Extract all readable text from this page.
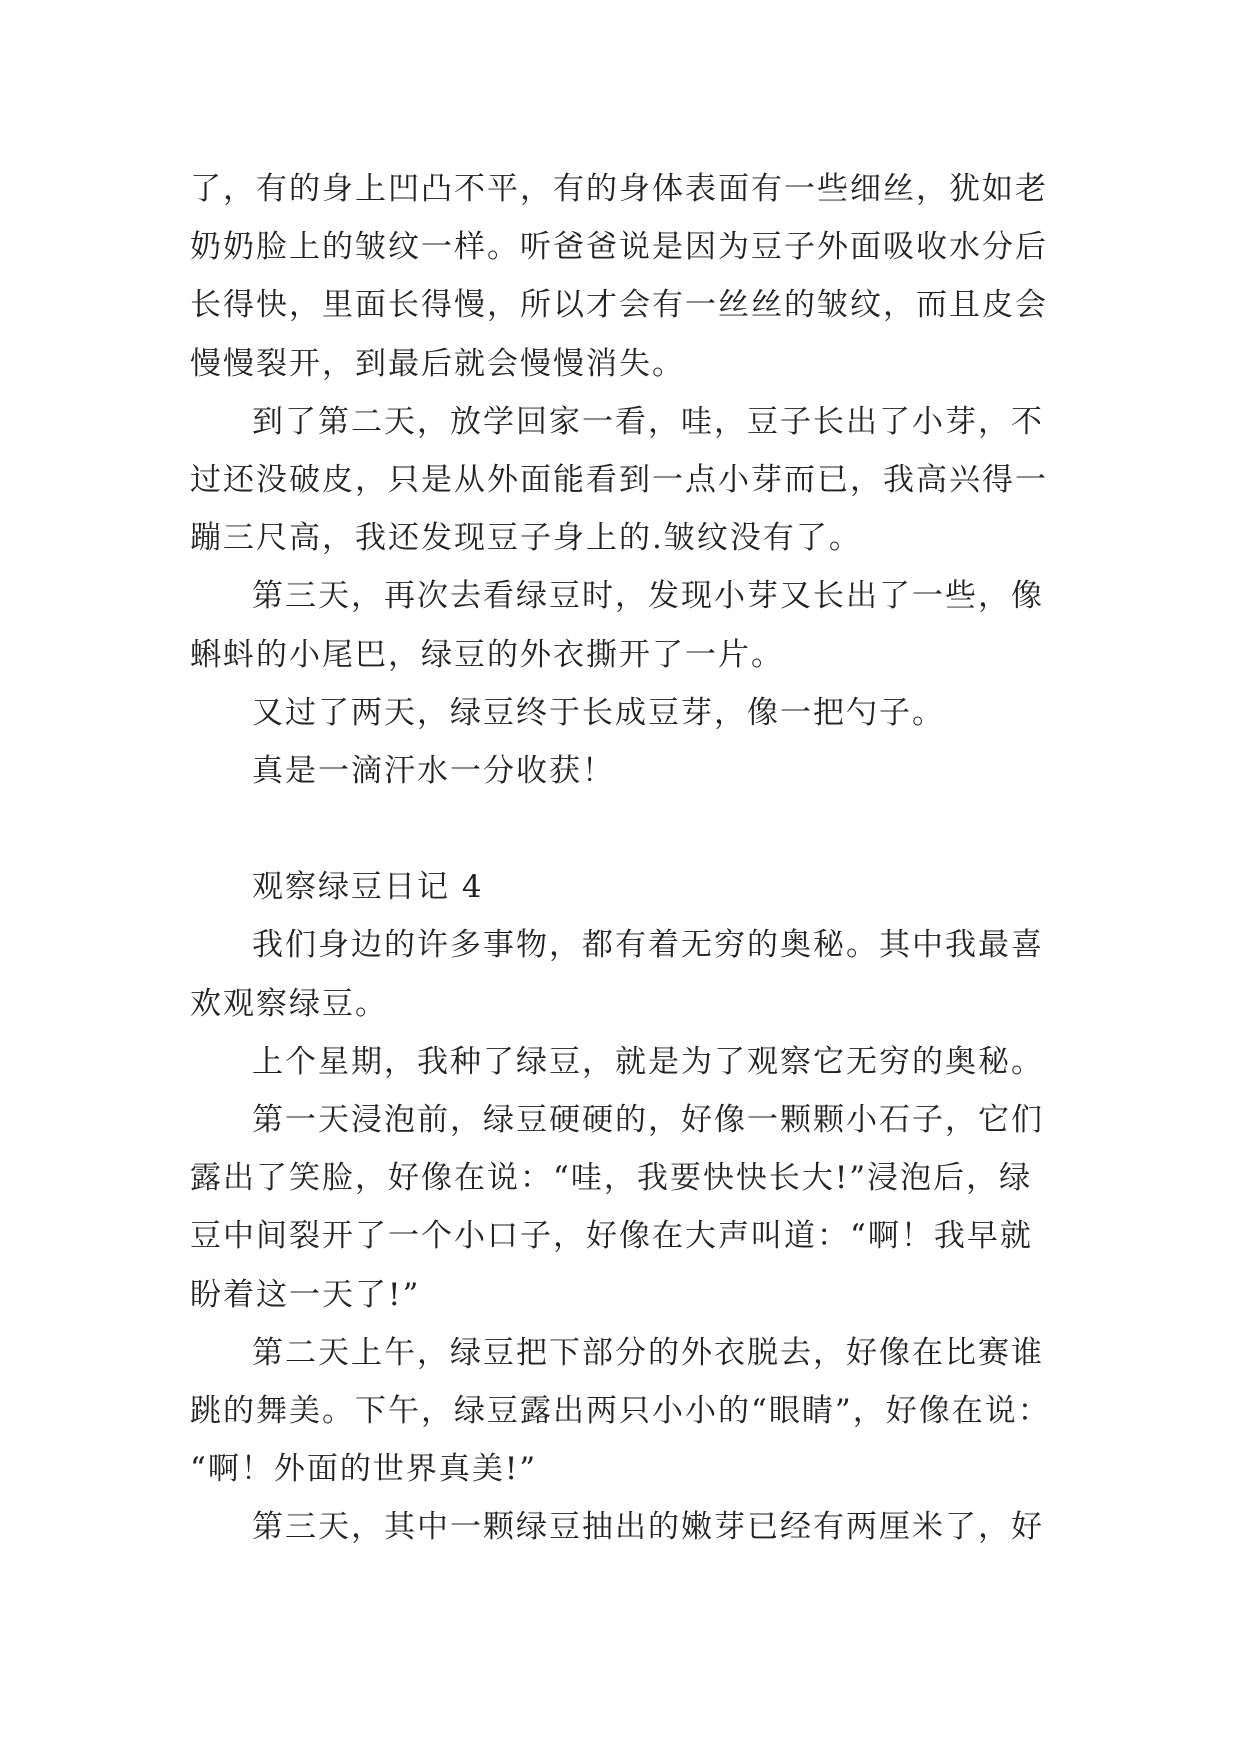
了，有的身上凹凸不平，有的身体表面有一些细丝，犹如老
奶奶脸上的皱纹一样。听爸爸说是因为豆子外面吸收水分后
长得快，里面长得慢，所以才会有一丝丝的皱纹，而且皮会
慢慢裂开，到最后就会慢慢消失。
到了第二天，放学回家一看，哇，豆子长出了小芽，不
过还没破皮，只是从外面能看到一点小芽而已，我高兴得一
蹦三尺高，我还发现豆子身上的.皱纹没有了。
第三天，再次去看绿豆时，发现小芽又长出了一些，像
蝌蚪的小尾巴，绿豆的外衣撕开了一片。
又过了两天，绿豆终于长成豆芽，像一把勺子。
真是一滴汗水一分收获！
观察绿豆日记 4
我们身边的许多事物，都有着无穷的奥秘。其中我最喜
欢观察绿豆。
上个星期，我种了绿豆，就是为了观察它无穷的奥秘。
第一天浸泡前，绿豆硬硬的，好像一颗颗小石子，它们
露出了笑脸，好像在说：“哇，我要快快长大!”浸泡后，绿
豆中间裂开了一个小口子，好像在大声叫道：“啊！我早就
盼着这一天了!”
第二天上午，绿豆把下部分的外衣脱去，好像在比赛谁
跳的舞美。下午，绿豆露出两只小小的“眼睛”，好像在说：
“啊！外面的世界真美!”
第三天，其中一颗绿豆抽出的嫩芽已经有两厘米了，好
